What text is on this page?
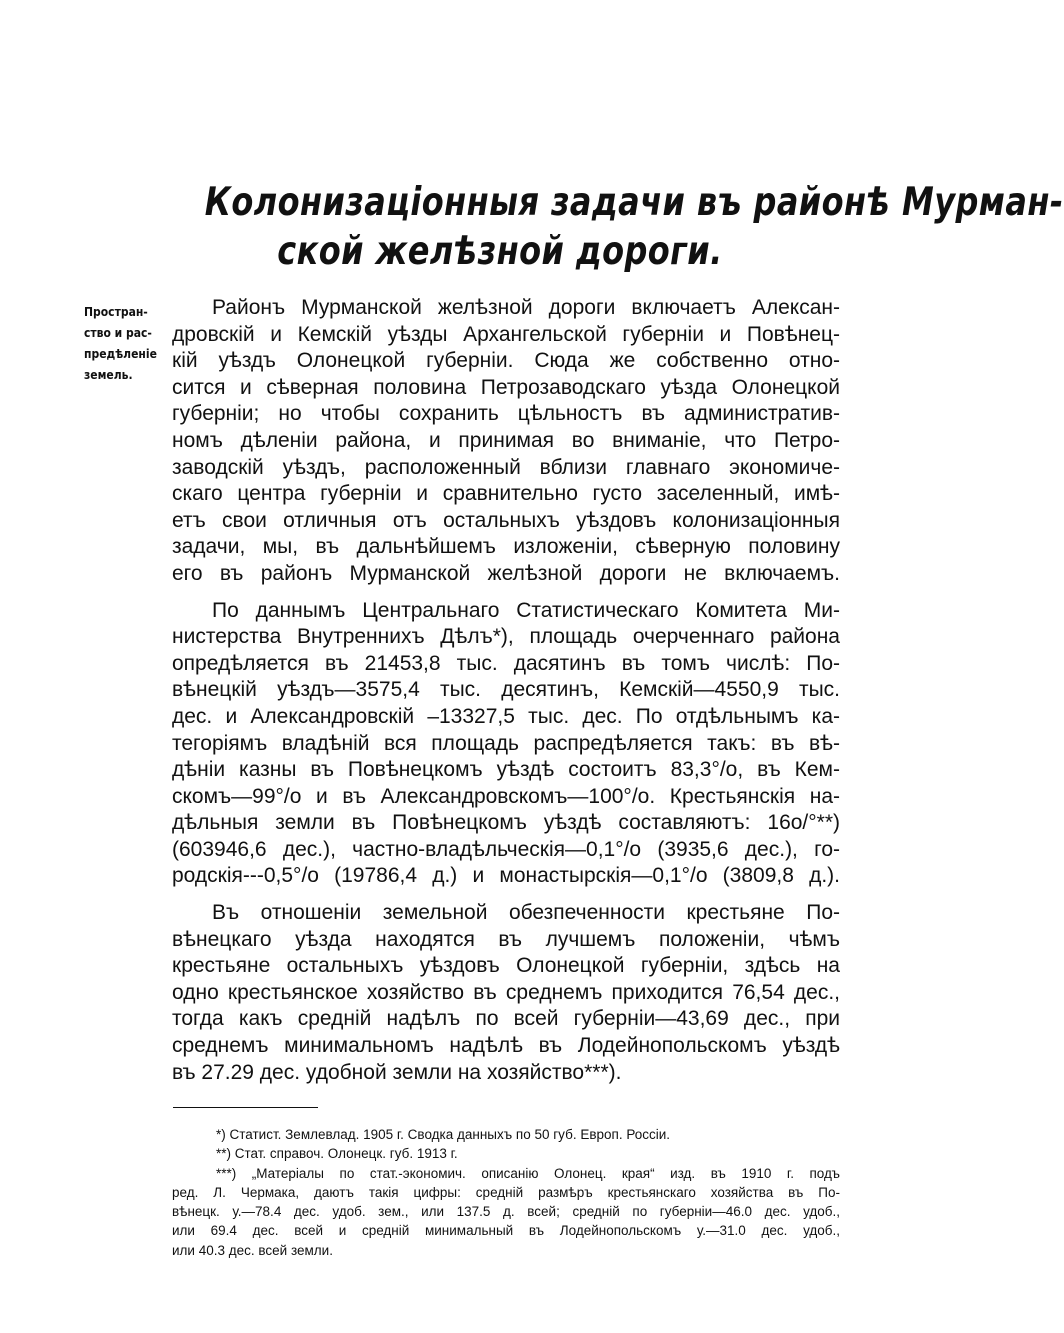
Колонизаціонныя задачи въ районѣ Мурман-
ской желѣзной дороги.
Простран-
ство и рас-
предѣленіе
земель.
Районъ Мурманской желѣзной дороги включаетъ Алексан-
дровскій и Кемскій уѣзды Архангельской губерніи и Повѣнец-
кій уѣздъ Олонецкой губерніи. Сюда же собственно отно-
сится и сѣверная половина Петрозаводскаго уѣзда Олонецкой
губерніи; но чтобы сохранить цѣльностъ въ административ-
номъ дѣленіи района, и принимая во вниманіе, что Петро-
заводскій уѣздъ, расположенный вблизи главнаго экономиче-
скаго центра губерніи и сравнительно густо заселенный, имѣ-
етъ свои отличныя отъ остальныхъ уѣздовъ колонизаціонныя
задачи, мы, въ дальнѣйшемъ изложеніи, сѣверную половину
его въ районъ Мурманской желѣзной дороги не включаемъ.
По даннымъ Центральнаго Статистическаго Комитета Ми-
нистерства Внутреннихъ Дѣлъ*), площадь очерченнаго района
опредѣляется въ 21453,8 тыс. дасятинъ въ томъ числѣ: По-
вѣнецкій уѣздъ—3575,4 тыс. десятинъ, Кемскій—4550,9 тыс.
дес. и Александровскій –13327,5 тыс. дес. По отдѣльнымъ ка-
тегоріямъ владѣній вся площадь распредѣляется такъ: въ вѣ-
дѣніи казны въ Повѣнецкомъ уѣздѣ состоитъ 83,3°/о, въ Кем-
скомъ—99°/о и въ Александровскомъ—100°/о. Крестьянскія на-
дѣльныя земли въ Повѣнецкомъ уѣздѣ составляютъ: 16о/°**)
(603946,6 дес.), частно-владѣльческія—0,1°/о (3935,6 дес.), го-
родскія---0,5°/о (19786,4 д.) и монастырскія—0,1°/о (3809,8 д.).
Въ отношеніи земельной обезпеченности крестьяне По-
вѣнецкаго уѣзда находятся въ лучшемъ положеніи, чѣмъ
крестьяне остальныхъ уѣздовъ Олонецкой губерніи, здѣсь на
одно крестьянское хозяйство въ среднемъ приходится 76,54 дес.,
тогда какъ средній надѣлъ по всей губерніи—43,69 дес., при
среднемъ минимальномъ надѣлѣ въ Лодейнопольскомъ уѣздѣ
въ 27.29 дес. удобной земли на хозяйство***).
*) Статист. Землевлад. 1905 г. Сводка данныхъ по 50 губ. Европ. Россіи.
**) Стат. справоч. Олонецк. губ. 1913 г.
***) „Матеріалы по стат.-экономич. описанію Олонец. края“ изд. въ 1910 г. подъ
ред. Л. Чермака, даютъ такія цифры: средній размѣръ крестьянскаго хозяйства въ По-
вѣнецк. у.—78.4 дес. удоб. зем., или 137.5 д. всей; средній по губерніи—46.0 дес. удоб.,
или 69.4 дес. всей и средній минимальный въ Лодейнопольскомъ у.—31.0 дес. удоб.,
или 40.3 дес. всей земли.
